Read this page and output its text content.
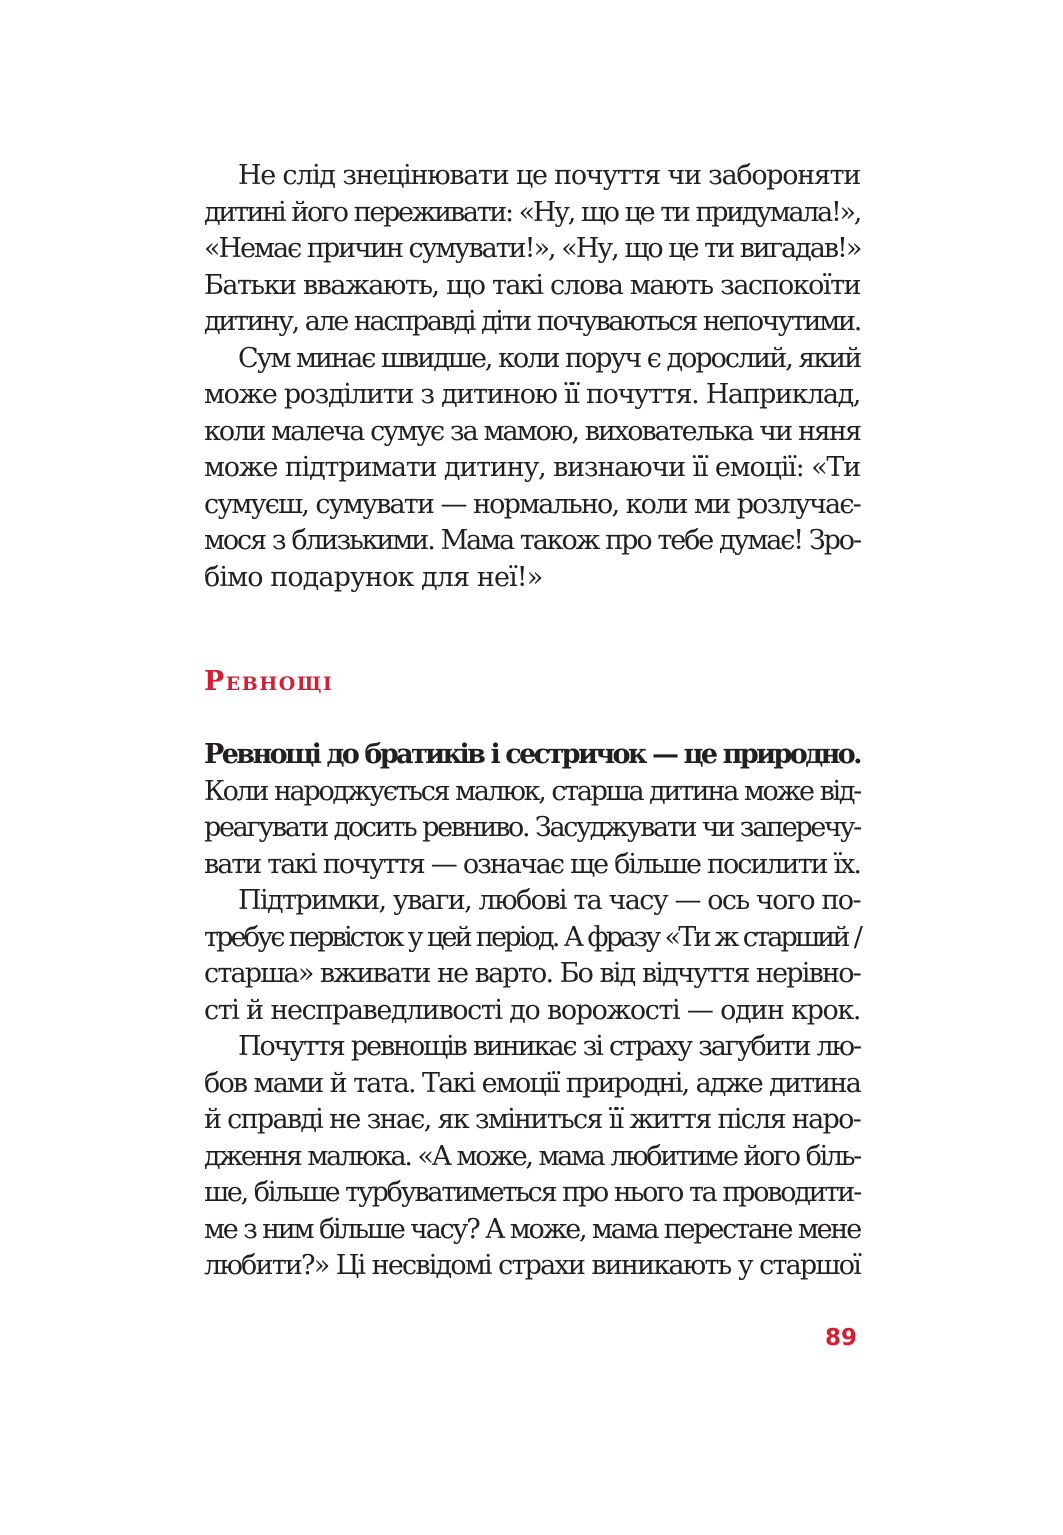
Не слід знецінювати це почуття чи забороняти
дитині його переживати: «Ну, що це ти придумала!»,
«Немає причин сумувати!», «Ну, що це ти вигадав!»
Батьки вважають, що такі слова мають заспокоїти
дитину, але насправді діти почуваються непочутими.
Сум минає швидше, коли поруч є дорослий, який
може розділити з дитиною її почуття. Наприклад,
коли малеча сумує за мамою, вихователька чи няня
може підтримати дитину, визнаючи її емоції: «Ти
сумуєш, сумувати — нормально, коли ми розлучає-
мося з близькими. Мама також про тебе думає! Зро-
бімо подарунок для неї!»
Ревнощі
Ревнощі до братиків і сестричок — це природно.
Коли народжується малюк, старша дитина може від-
реагувати досить ревниво. Засуджувати чи заперечу-
вати такі почуття — означає ще більше посилити їх.
Підтримки, уваги, любові та часу — ось чого по-
требує первісток у цей період. А фразу «Ти ж старший /
старша» вживати не варто. Бо від відчуття нерівно-
сті й несправедливості до ворожості — один крок.
Почуття ревнощів виникає зі страху загубити лю-
бов мами й тата. Такі емоції природні, адже дитина
й справді не знає, як зміниться її життя після наро-
дження малюка. «А може, мама любитиме його біль-
ше, більше турбуватиметься про нього та проводити-
ме з ним більше часу? А може, мама перестане мене
любити?» Ці несвідомі страхи виникають у старшої
89
